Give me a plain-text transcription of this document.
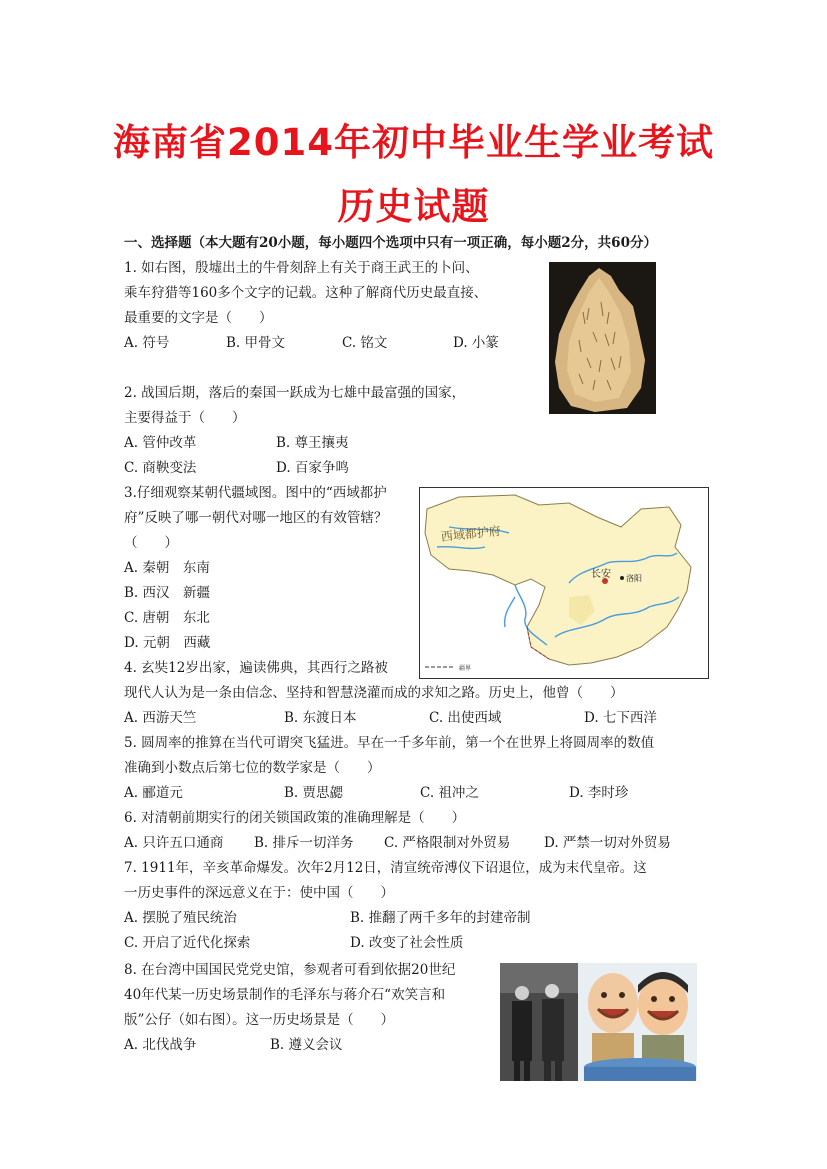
海南省2014年初中毕业生学业考试
历史试题
一、选择题（本大题有20小题，每小题四个选项中只有一项正确，每小题2分，共60分）
1. 如右图，殷墟出土的牛骨刻辞上有关于商王武王的卜问、
乘车狩猎等160多个文字的记载。这种了解商代历史最直接、
最重要的文字是（　　）
A. 符号	B. 甲骨文	C. 铭文	D. 小篆
2. 战国后期，落后的秦国一跃成为七雄中最富强的国家，
主要得益于（　　）
A. 管仲改革	B. 尊王攘夷
C. 商鞅变法	D. 百家争鸣
3.仔细观察某朝代疆域图。图中的“西域都护
府”反映了哪一朝代对哪一地区的有效管辖？
（　　）
A. 秦朝　东南
B. 西汉　新疆
C. 唐朝　东北
D. 元朝　西藏
西域都护府
长安 洛阳
疆界
4. 玄奘12岁出家，遍读佛典，其西行之路被
现代人认为是一条由信念、坚持和智慧浇灌而成的求知之路。历史上，他曾（　　）
A. 西游天竺	B. 东渡日本	C. 出使西域	D. 七下西洋
5. 圆周率的推算在当代可谓突飞猛进。早在一千多年前，第一个在世界上将圆周率的数值
准确到小数点后第七位的数学家是（　　）
A. 郦道元	B. 贾思勰	C. 祖冲之	D. 李时珍
6. 对清朝前期实行的闭关锁国政策的准确理解是（　　）
A. 只许五口通商 B. 排斥一切洋务 C. 严格限制对外贸易 D. 严禁一切对外贸易
7. 1911年，辛亥革命爆发。次年2月12日，清宣统帝溥仪下诏退位，成为末代皇帝。这
一历史事件的深远意义在于：使中国（　　）
A. 摆脱了殖民统治	B. 推翻了两千多年的封建帝制
C. 开启了近代化探索	D. 改变了社会性质
8. 在台湾中国国民党党史馆，参观者可看到依据20世纪
40年代某一历史场景制作的毛泽东与蒋介石“欢笑言和
版”公仔（如右图）。这一历史场景是（　　）
A. 北伐战争	B. 遵义会议
